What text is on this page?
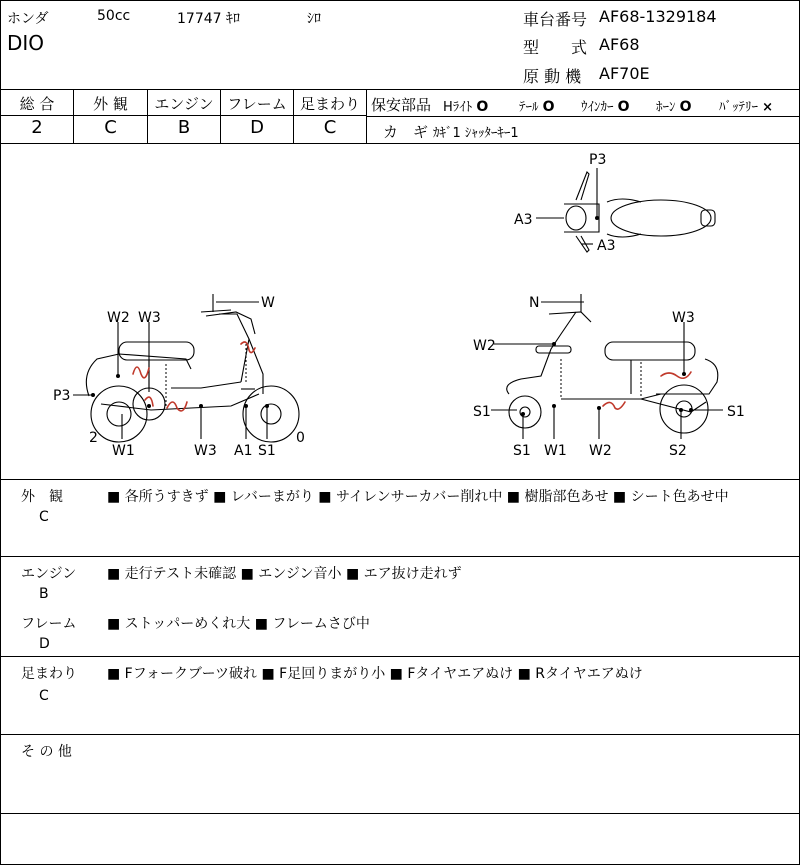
ホンダ	50cc	17747 ｷﾛ	ｼﾛ
DIO
車台番号 AF68-1329184
型　　式 AF68
原 動 機 AF70E
総 合	外 観	エンジン フレーム 足まわり
2	C	B	D	C
保安部品 Hﾗｲﾄ O ﾃｰﾙ O ｳｲﾝｶｰ O ﾎｰﾝ O ﾊﾞｯﾃﾘｰ ×
カ　ギ ｶｷﾞ1 ｼｬｯﾀｰｷｰ1
P3
A3
A3
W
W2 W3
P3
2
W1	W3 A1 S1
0
N
W3
W2
S1
S1
S1
W1 W2	S2
外　観
C
■ 各所うすきず ■ レバーまがり ■ サイレンサーカバー削れ中 ■ 樹脂部色あせ ■ シート色あせ中
エンジン
B
■ 走行テスト未確認 ■ エンジン音小 ■ エア抜け走れず
フレーム
D
■ ストッパーめくれ大 ■ フレームさび中
足まわり
C
■ Fフォークブーツ破れ ■ F足回りまがり小 ■ Fタイヤエアぬけ ■ Rタイヤエアぬけ
そ の 他
